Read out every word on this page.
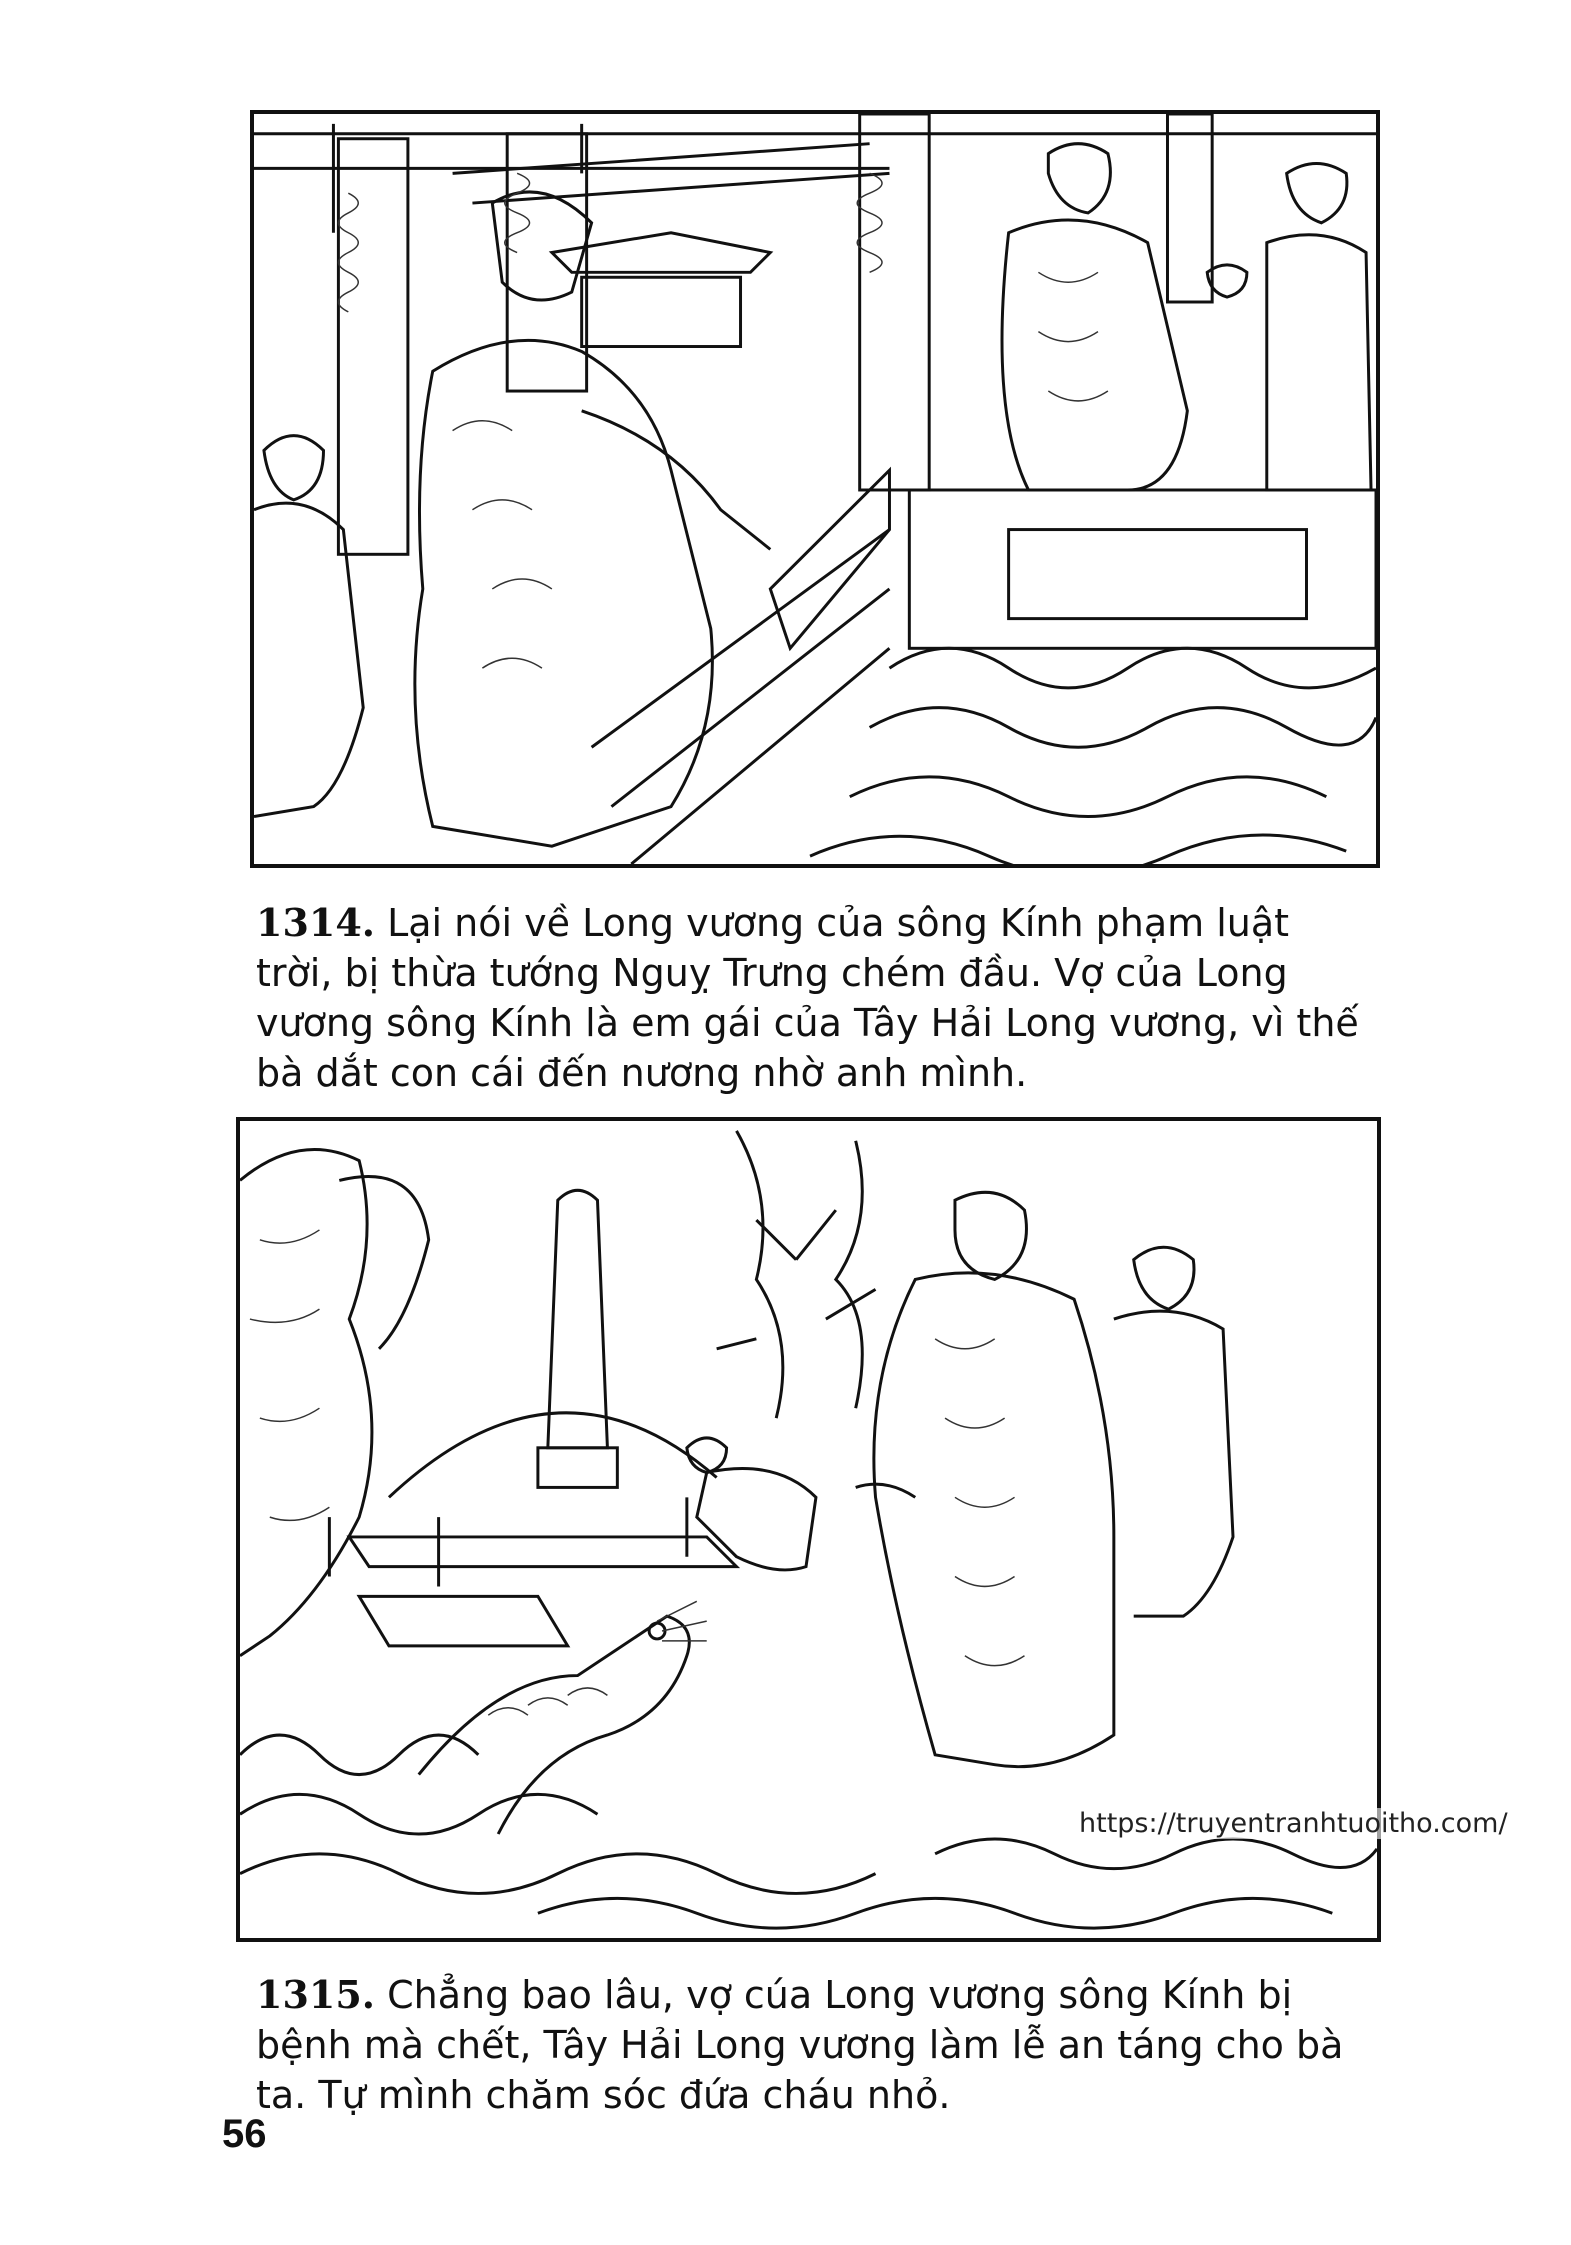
1314. Lại nói về Long vương của sông Kính phạm luật trời, bị thừa tướng Nguỵ Trưng chém đầu. Vợ của Long vương sông Kính là em gái của Tây Hải Long vương, vì thế bà dắt con cái đến nương nhờ anh mình.

https://truyentranhtuoitho.com/

1315. Chẳng bao lâu, vợ cúa Long vương sông Kính bị bệnh mà chết, Tây Hải Long vương làm lễ an táng cho bà ta. Tự mình chăm sóc đứa cháu nhỏ.

56
